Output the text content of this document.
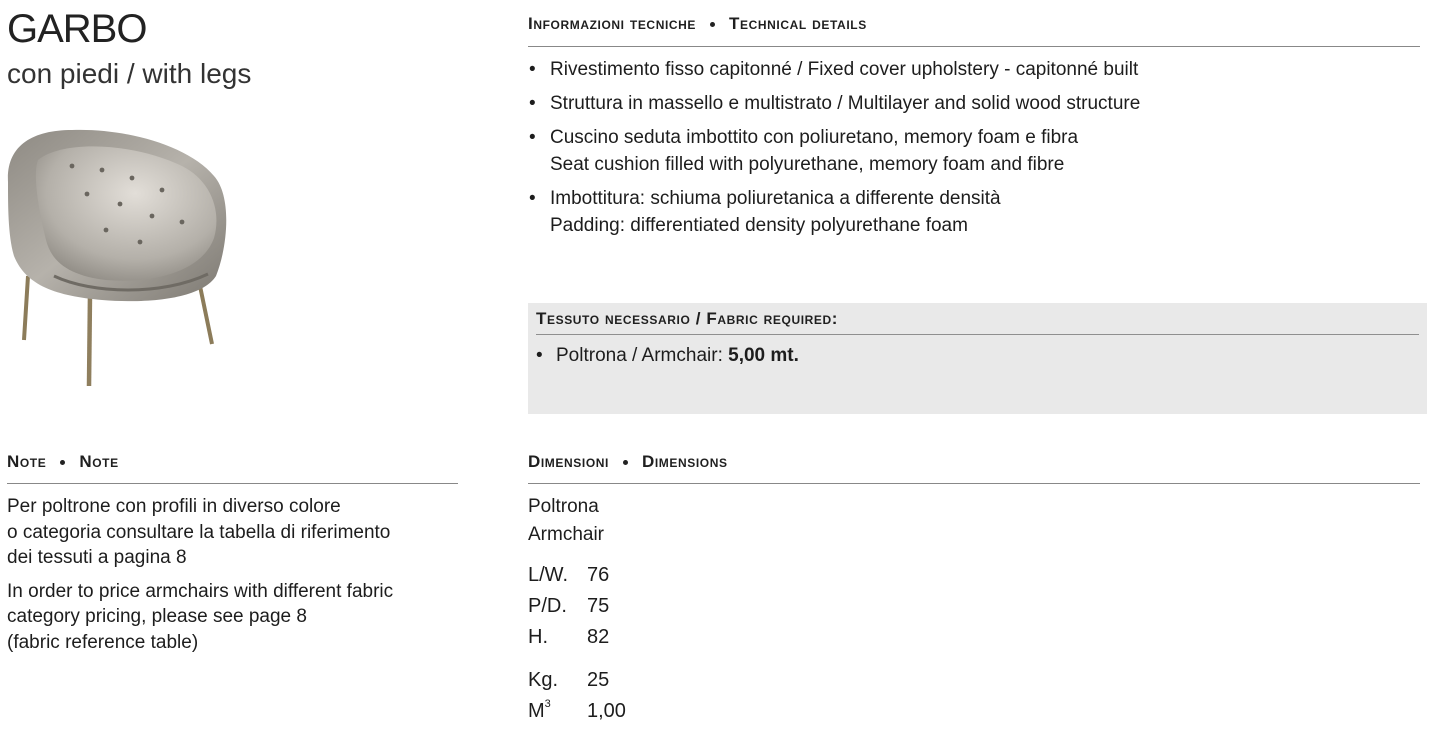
GARBO
con piedi / with legs
Informazioni tecniche Technical details
• Rivestimento fisso capitonné / Fixed cover upholstery - capitonné built
• Struttura in massello e multistrato / Multilayer and solid wood structure
• Cuscino seduta imbottito con poliuretano, memory foam e fibra
Seat cushion filled with polyurethane, memory foam and fibre
• Imbottitura: schiuma poliuretanica a differente densità
Padding: differentiated density polyurethane foam
Tessuto necessario / Fabric required:
• Poltrona / Armchair: 5,00 mt.
Note Note

Per poltrone con profili in diverso colore
o categoria consultare la tabella di riferimento
dei tessuti a pagina 8

In order to price armchairs with different fabric
category pricing, please see page 8
(fabric reference table)

Dimensioni Dimensions
Poltrona
Armchair
L/W.	76
P/D.	75
H.	82
Kg.	25
$M^3$	1,00
